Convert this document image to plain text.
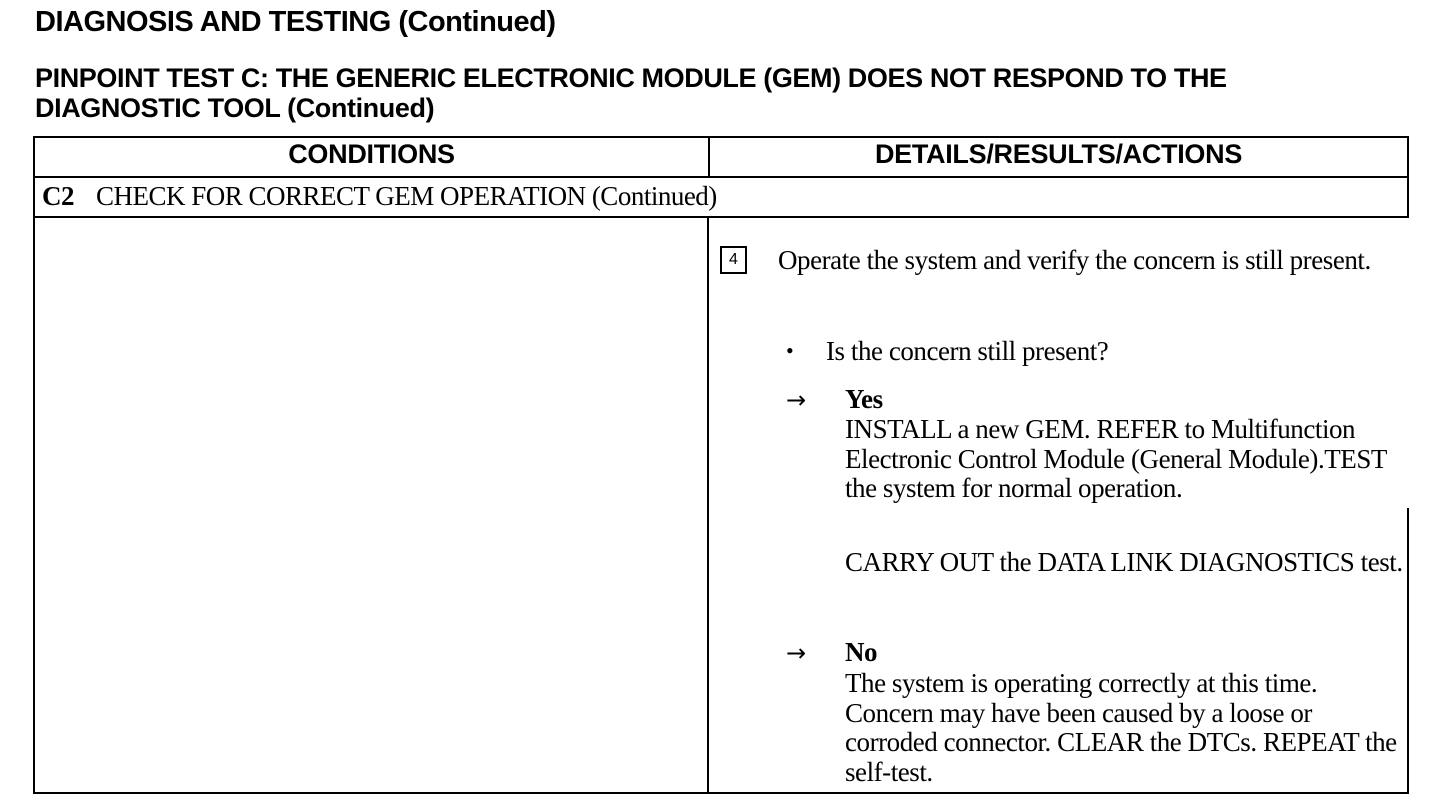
DIAGNOSIS AND TESTING (Continued)
PINPOINT TEST C: THE GENERIC ELECTRONIC MODULE (GEM) DOES NOT RESPOND TO THE
DIAGNOSTIC TOOL (Continued)
CONDITIONS	DETAILS/RESULTS/ACTIONS
C2 CHECK FOR CORRECT GEM OPERATION (Continued)
4	Operate the system and verify the concern is still present.
• Is the concern still present?
→ Yes
INSTALL a new GEM. REFER to Multifunction Electronic Control Module (General Module).TEST the system for normal operation.
CARRY OUT the DATA LINK DIAGNOSTICS test.
→ No
The system is operating correctly at this time. Concern may have been caused by a loose or corroded connector. CLEAR the DTCs. REPEAT the self-test.
